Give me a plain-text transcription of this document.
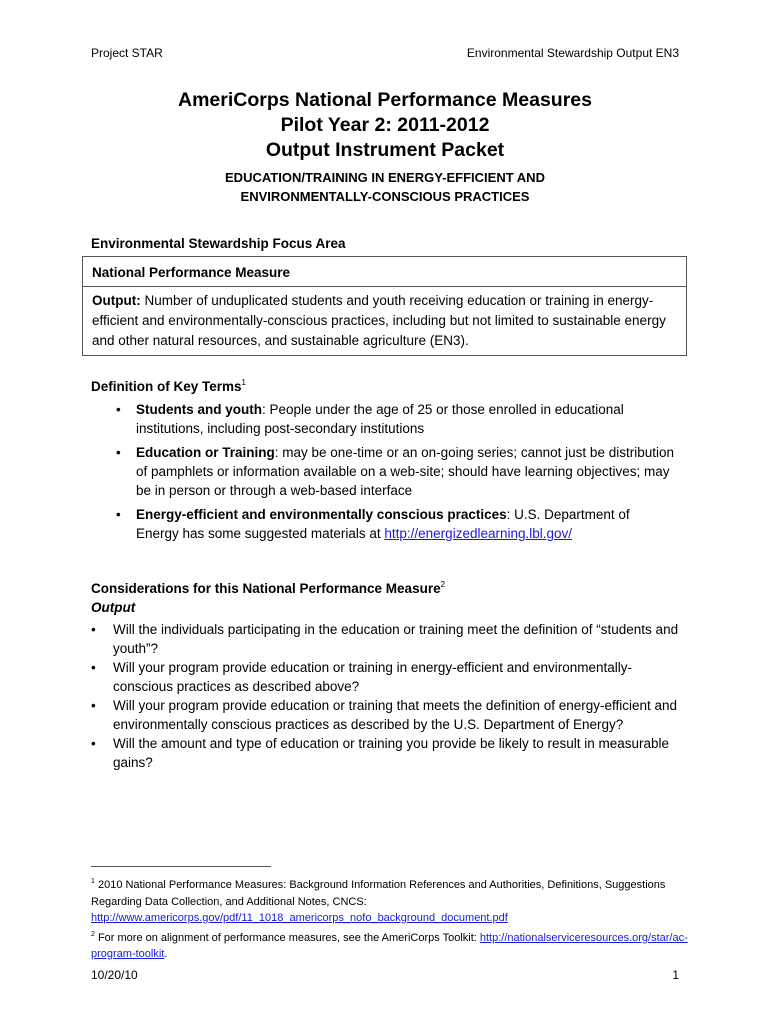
Project STAR	Environmental Stewardship Output EN3
AmeriCorps National Performance Measures
Pilot Year 2: 2011-2012
Output Instrument Packet
EDUCATION/TRAINING IN ENERGY-EFFICIENT AND
ENVIRONMENTALLY-CONSCIOUS PRACTICES
Environmental Stewardship Focus Area
National Performance Measure
Output: Number of unduplicated students and youth receiving education or training in energy-efficient and environmentally-conscious practices, including but not limited to sustainable energy and other natural resources, and sustainable agriculture (EN3).
Definition of Key Terms$^1$
• Students and youth: People under the age of 25 or those enrolled in educational institutions, including post-secondary institutions
• Education or Training: may be one-time or an on-going series; cannot just be distribution of pamphlets or information available on a web-site; should have learning objectives; may be in person or through a web-based interface
• Energy-efficient and environmentally conscious practices: U.S. Department of Energy has some suggested materials at http://energizedlearning.lbl.gov/
Considerations for this National Performance Measure$^2$
Output
• Will the individuals participating in the education or training meet the definition of “students and youth”?
• Will your program provide education or training in energy-efficient and environmentally-conscious practices as described above?
• Will your program provide education or training that meets the definition of energy-efficient and environmentally conscious practices as described by the U.S. Department of Energy?
• Will the amount and type of education or training you provide be likely to result in measurable gains?
$^1$ 2010 National Performance Measures: Background Information References and Authorities, Definitions, Suggestions Regarding Data Collection, and Additional Notes, CNCS: http://www.americorps.gov/pdf/11_1018_americorps_nofo_background_document.pdf
$^2$ For more on alignment of performance measures, see the AmeriCorps Toolkit: http://nationalserviceresources.org/star/ac-program-toolkit.
10/20/10	1
